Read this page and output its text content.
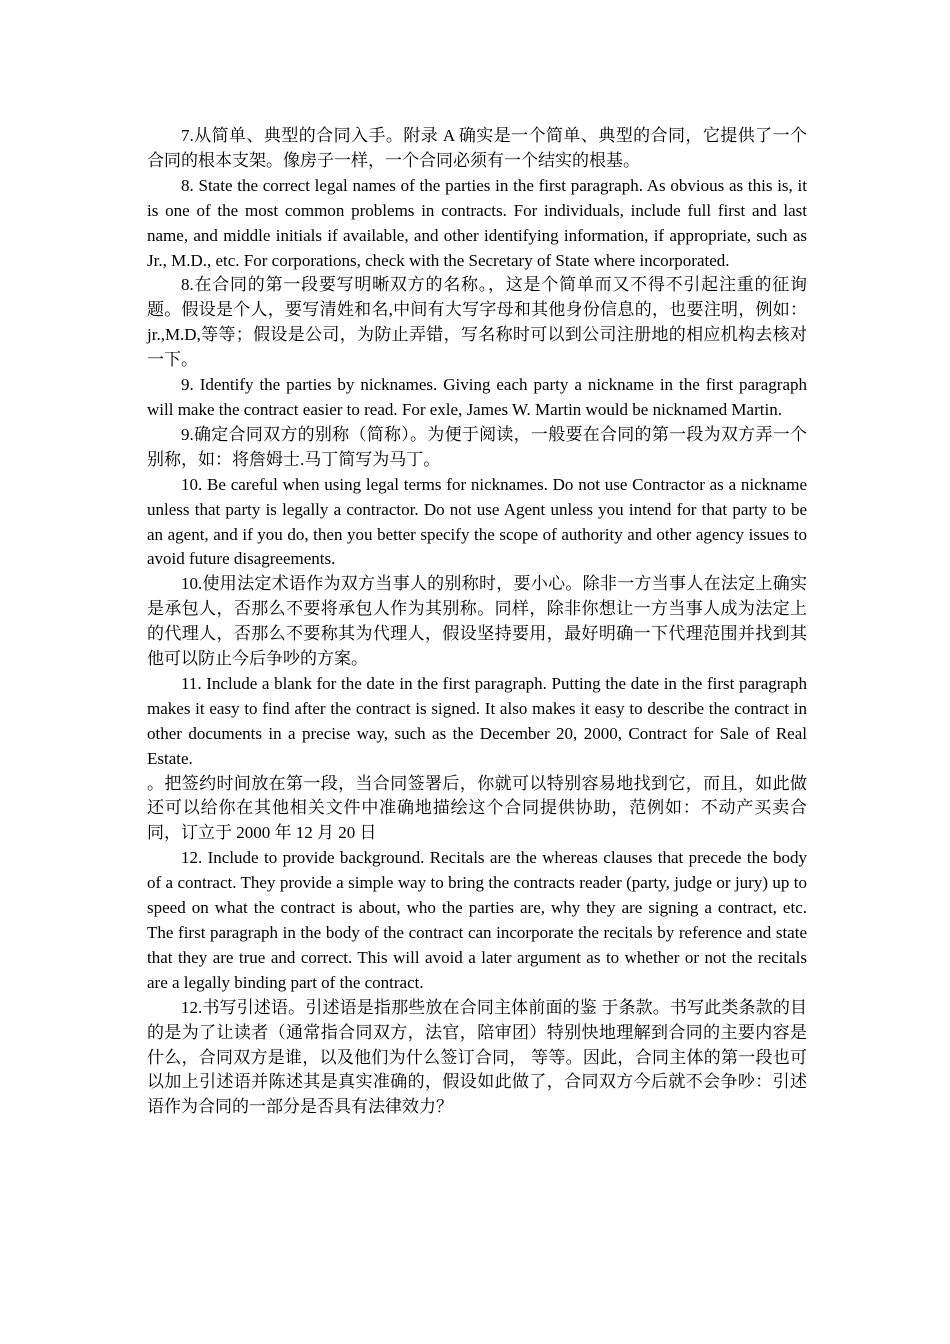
7.从简单、典型的合同入手。附录 A 确实是一个简单、典型的合同，它提供了一个合同的根本支架。像房子一样，一个合同必须有一个结实的根基。

8. State the correct legal names of the parties in the first paragraph. As obvious as this is, it is one of the most common problems in contracts. For individuals, include full first and last name, and middle initials if available, and other identifying information, if appropriate, such as Jr., M.D., etc. For corporations, check with the Secretary of State where incorporated.

8.在合同的第一段要写明晰双方的名称。，这是个简单而又不得不引起注重的征询题。假设是个人，要写清姓和名,中间有大写字母和其他身份信息的，也要注明，例如：jr.,M.D,等等；假设是公司，为防止弄错，写名称时可以到公司注册地的相应机构去核对一下。

9. Identify the parties by nicknames. Giving each party a nickname in the first paragraph will make the contract easier to read. For exle, James W. Martin would be nicknamed Martin.

9.确定合同双方的别称（简称）。为便于阅读，一般要在合同的第一段为双方弄一个别称，如：将詹姆士.马丁简写为马丁。

10. Be careful when using legal terms for nicknames. Do not use Contractor as a nickname unless that party is legally a contractor. Do not use Agent unless you intend for that party to be an agent, and if you do, then you better specify the scope of authority and other agency issues to avoid future disagreements.

10.使用法定术语作为双方当事人的别称时，要小心。除非一方当事人在法定上确实是承包人，否那么不要将承包人作为其别称。同样，除非你想让一方当事人成为法定上的代理人，否那么不要称其为代理人，假设坚持要用，最好明确一下代理范围并找到其他可以防止今后争吵的方案。

11. Include a blank for the date in the first paragraph. Putting the date in the first paragraph makes it easy to find after the contract is signed. It also makes it easy to describe the contract in other documents in a precise way, such as the December 20, 2000, Contract for Sale of Real Estate.

。把签约时间放在第一段，当合同签署后，你就可以特别容易地找到它，而且，如此做还可以给你在其他相关文件中准确地描绘这个合同提供协助，范例如：不动产买卖合同，订立于 2000 年 12 月 20 日

12. Include to provide background. Recitals are the whereas clauses that precede the body of a contract. They provide a simple way to bring the contracts reader (party, judge or jury) up to speed on what the contract is about, who the parties are, why they are signing a contract, etc. The first paragraph in the body of the contract can incorporate the recitals by reference and state that they are true and correct. This will avoid a later argument as to whether or not the recitals are a legally binding part of the contract.

12.书写引述语。引述语是指那些放在合同主体前面的鉴 于条款。书写此类条款的目的是为了让读者（通常指合同双方，法官，陪审团）特别快地理解到合同的主要内容是什么，合同双方是谁，以及他们为什么签订合同， 等等。因此，合同主体的第一段也可以加上引述语并陈述其是真实准确的，假设如此做了，合同双方今后就不会争吵：引述语作为合同的一部分是否具有法律效力？
